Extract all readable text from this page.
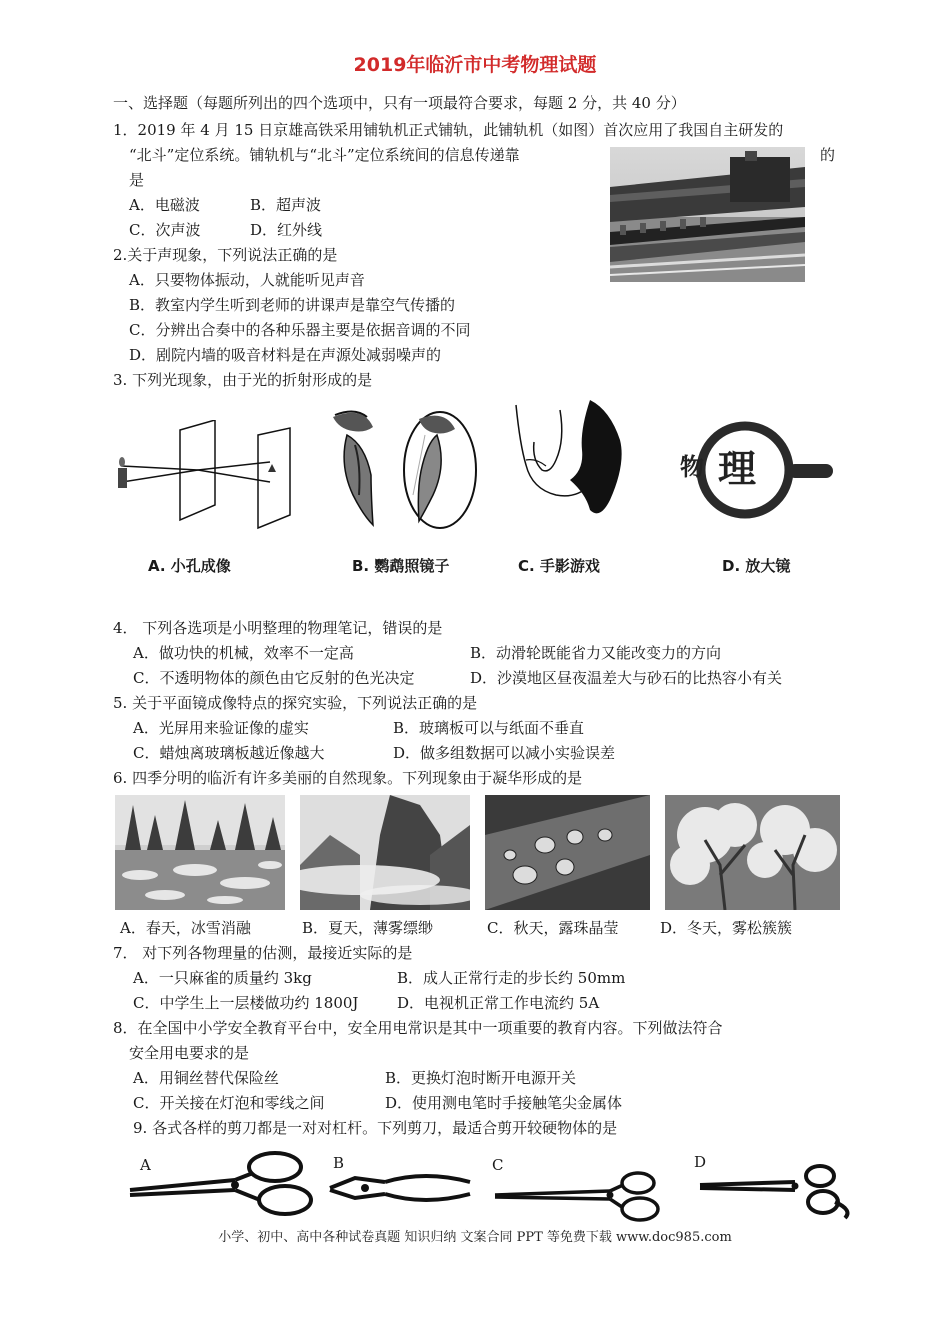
2019年临沂市中考物理试题
一、选择题（每题所列出的四个选项中，只有一项最符合要求，每题 2 分，共 40 分）
1．2019 年 4 月 15 日京雄高铁采用铺轨机正式铺轨，此铺轨机（如图）首次应用了我国自主研发的
“北斗”定位系统。铺轨机与“北斗”定位系统间的信息传递靠	的
是
A．电磁波	B．超声波
C．次声波	D．红外线
2.关于声现象，下列说法正确的是
A．只要物体振动，人就能听见声音
B．教室内学生听到老师的讲课声是靠空气传播的
C．分辨出合奏中的各种乐器主要是依据音调的不同
D．剧院内墙的吸音材料是在声源处减弱噪声的
3. 下列光现象，由于光的折射形成的是
物 理
A. 小孔成像	B. 鹦鹉照镜子	C. 手影游戏	D. 放大镜
4． 下列各选项是小明整理的物理笔记，错误的是
A．做功快的机械，效率不一定高	B．动滑轮既能省力又能改变力的方向
C．不透明物体的颜色由它反射的色光决定	D．沙漠地区昼夜温差大与砂石的比热容小有关
5. 关于平面镜成像特点的探究实验，下列说法正确的是
A．光屏用来验证像的虚实	B．玻璃板可以与纸面不垂直
C．蜡烛离玻璃板越近像越大	D．做多组数据可以减小实验误差
6. 四季分明的临沂有许多美丽的自然现象。下列现象由于凝华形成的是
A．春天，冰雪消融	B．夏天，薄雾缥缈	C．秋天，露珠晶莹	D．冬天，雾松簇簇
7． 对下列各物理量的估测，最接近实际的是
A．一只麻雀的质量约 3kg	B．成人正常行走的步长约 50mm
C．中学生上一层楼做功约 1800J	D．电视机正常工作电流约 5A
8．在全国中小学安全教育平台中，安全用电常识是其中一项重要的教育内容。下列做法符合
安全用电要求的是
A．用铜丝替代保险丝	B．更换灯泡时断开电源开关
C．开关接在灯泡和零线之间	D．使用测电笔时手接触笔尖金属体
9. 各式各样的剪刀都是一对对杠杆。下列剪刀，最适合剪开较硬物体的是
A	B	C	D
小学、初中、高中各种试卷真题 知识归纳 文案合同 PPT 等免费下载 www.doc985.com
